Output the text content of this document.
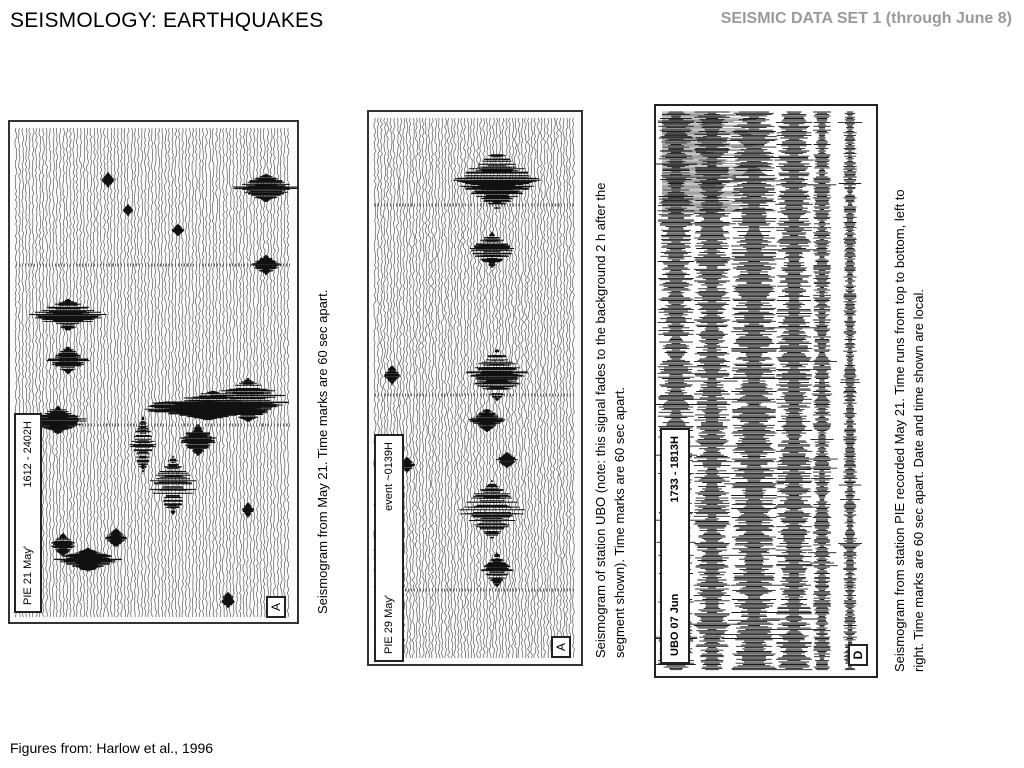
SEISMOLOGY: EARTHQUAKES	SEISMIC DATA SET 1 (through June 8)
PIE

21 May
'
1612 - 2402H
A Seismogram from May 21. Time marks are 60 sec apart.
PIE

29 May
'
event ~0139H
A Seismogram of station UBO (note: this signal fades to the background 2 h after the segment shown). Time marks are 60 sec apart.	UBO

07 Jun
1733 - 1813H
D Seismogram from station PIE recorded May 21. Time runs from top to bottom, left to right. Time marks are 60 sec apart. Date and time shown are local.
Figures from: Harlow et al., 1996
